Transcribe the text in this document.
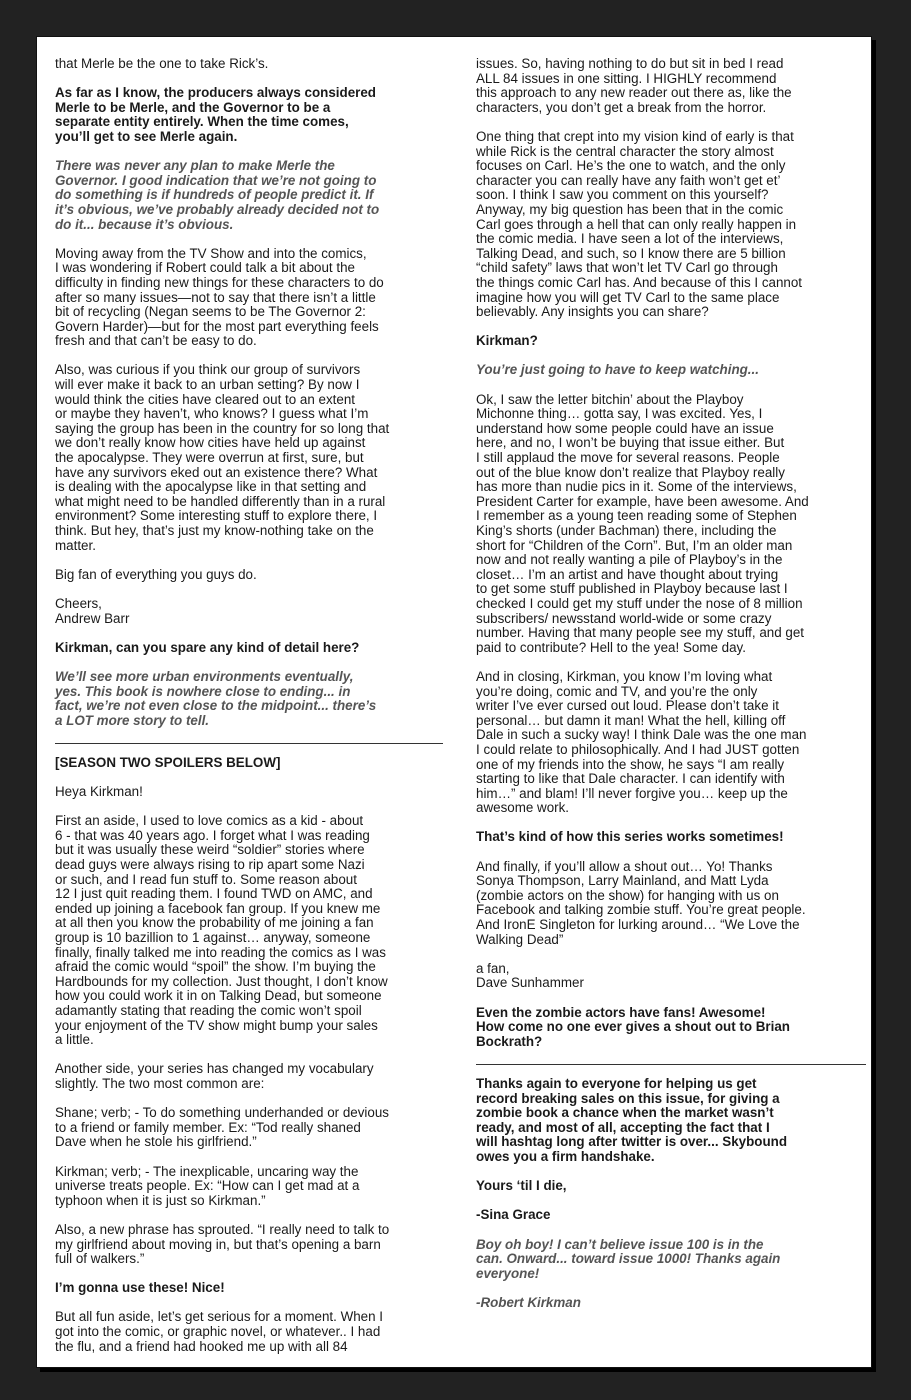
that Merle be the one to take Rick’s.

As far as I know, the producers always considered
Merle to be Merle, and the Governor to be a
separate entity entirely. When the time comes,
you’ll get to see Merle again.

There was never any plan to make Merle the
Governor. I good indication that we’re not going to
do something is if hundreds of people predict it. If
it’s obvious, we’ve probably already decided not to
do it... because it’s obvious.

Moving away from the TV Show and into the comics,
I was wondering if Robert could talk a bit about the
difficulty in finding new things for these characters to do
after so many issues—not to say that there isn’t a little
bit of recycling (Negan seems to be The Governor 2:
Govern Harder)—but for the most part everything feels
fresh and that can’t be easy to do.

Also, was curious if you think our group of survivors
will ever make it back to an urban setting? By now I
would think the cities have cleared out to an extent
or maybe they haven’t, who knows? I guess what I’m
saying the group has been in the country for so long that
we don’t really know how cities have held up against
the apocalypse. They were overrun at first, sure, but
have any survivors eked out an existence there? What
is dealing with the apocalypse like in that setting and
what might need to be handled differently than in a rural
environment? Some interesting stuff to explore there, I
think. But hey, that’s just my know-nothing take on the
matter.

Big fan of everything you guys do.

Cheers,
Andrew Barr

Kirkman, can you spare any kind of detail here?

We’ll see more urban environments eventually,
yes. This book is nowhere close to ending... in
fact, we’re not even close to the midpoint... there’s
a LOT more story to tell.

[SEASON TWO SPOILERS BELOW]

Heya Kirkman!

First an aside, I used to love comics as a kid - about
6 - that was 40 years ago. I forget what I was reading
but it was usually these weird “soldier” stories where
dead guys were always rising to rip apart some Nazi
or such, and I read fun stuff to. Some reason about
12 I just quit reading them. I found TWD on AMC, and
ended up joining a facebook fan group. If you knew me
at all then you know the probability of me joining a fan
group is 10 bazillion to 1 against… anyway, someone
finally, finally talked me into reading the comics as I was
afraid the comic would “spoil” the show. I’m buying the
Hardbounds for my collection. Just thought, I don’t know
how you could work it in on Talking Dead, but someone
adamantly stating that reading the comic won’t spoil
your enjoyment of the TV show might bump your sales
a little.

Another side, your series has changed my vocabulary
slightly. The two most common are:

Shane; verb; - To do something underhanded or devious
to a friend or family member. Ex: “Tod really shaned
Dave when he stole his girlfriend.”

Kirkman; verb; - The inexplicable, uncaring way the
universe treats people. Ex: “How can I get mad at a
typhoon when it is just so Kirkman.”

Also, a new phrase has sprouted. “I really need to talk to
my girlfriend about moving in, but that’s opening a barn
full of walkers.”

I’m gonna use these! Nice!

But all fun aside, let’s get serious for a moment. When I
got into the comic, or graphic novel, or whatever.. I had
the flu, and a friend had hooked me up with all 84

issues. So, having nothing to do but sit in bed I read
ALL 84 issues in one sitting. I HIGHLY recommend
this approach to any new reader out there as, like the
characters, you don’t get a break from the horror.

One thing that crept into my vision kind of early is that
while Rick is the central character the story almost
focuses on Carl. He’s the one to watch, and the only
character you can really have any faith won’t get et’
soon. I think I saw you comment on this yourself?
Anyway, my big question has been that in the comic
Carl goes through a hell that can only really happen in
the comic media. I have seen a lot of the interviews,
Talking Dead, and such, so I know there are 5 billion
“child safety” laws that won’t let TV Carl go through
the things comic Carl has. And because of this I cannot
imagine how you will get TV Carl to the same place
believably. Any insights you can share?

Kirkman?

You’re just going to have to keep watching...

Ok, I saw the letter bitchin’ about the Playboy
Michonne thing… gotta say, I was excited. Yes, I
understand how some people could have an issue
here, and no, I won’t be buying that issue either. But
I still applaud the move for several reasons. People
out of the blue know don’t realize that Playboy really
has more than nudie pics in it. Some of the interviews,
President Carter for example, have been awesome. And
I remember as a young teen reading some of Stephen
King’s shorts (under Bachman) there, including the
short for “Children of the Corn”. But, I’m an older man
now and not really wanting a pile of Playboy’s in the
closet… I’m an artist and have thought about trying
to get some stuff published in Playboy because last I
checked I could get my stuff under the nose of 8 million
subscribers/ newsstand world-wide or some crazy
number. Having that many people see my stuff, and get
paid to contribute? Hell to the yea! Some day.

And in closing, Kirkman, you know I’m loving what
you’re doing, comic and TV, and you’re the only
writer I’ve ever cursed out loud. Please don’t take it
personal… but damn it man! What the hell, killing off
Dale in such a sucky way! I think Dale was the one man
I could relate to philosophically. And I had JUST gotten
one of my friends into the show, he says “I am really
starting to like that Dale character. I can identify with
him…” and blam! I’ll never forgive you… keep up the
awesome work.

That’s kind of how this series works sometimes!

And finally, if you’ll allow a shout out… Yo! Thanks
Sonya Thompson, Larry Mainland, and Matt Lyda
(zombie actors on the show) for hanging with us on
Facebook and talking zombie stuff. You’re great people.
And IronE Singleton for lurking around… “We Love the
Walking Dead”

a fan,
Dave Sunhammer

Even the zombie actors have fans! Awesome!
How come no one ever gives a shout out to Brian
Bockrath?

Thanks again to everyone for helping us get
record breaking sales on this issue, for giving a
zombie book a chance when the market wasn’t
ready, and most of all, accepting the fact that I
will hashtag long after twitter is over... Skybound
owes you a firm handshake.

Yours ‘til I die,

-Sina Grace

Boy oh boy! I can’t believe issue 100 is in the
can. Onward... toward issue 1000! Thanks again
everyone!

-Robert Kirkman
